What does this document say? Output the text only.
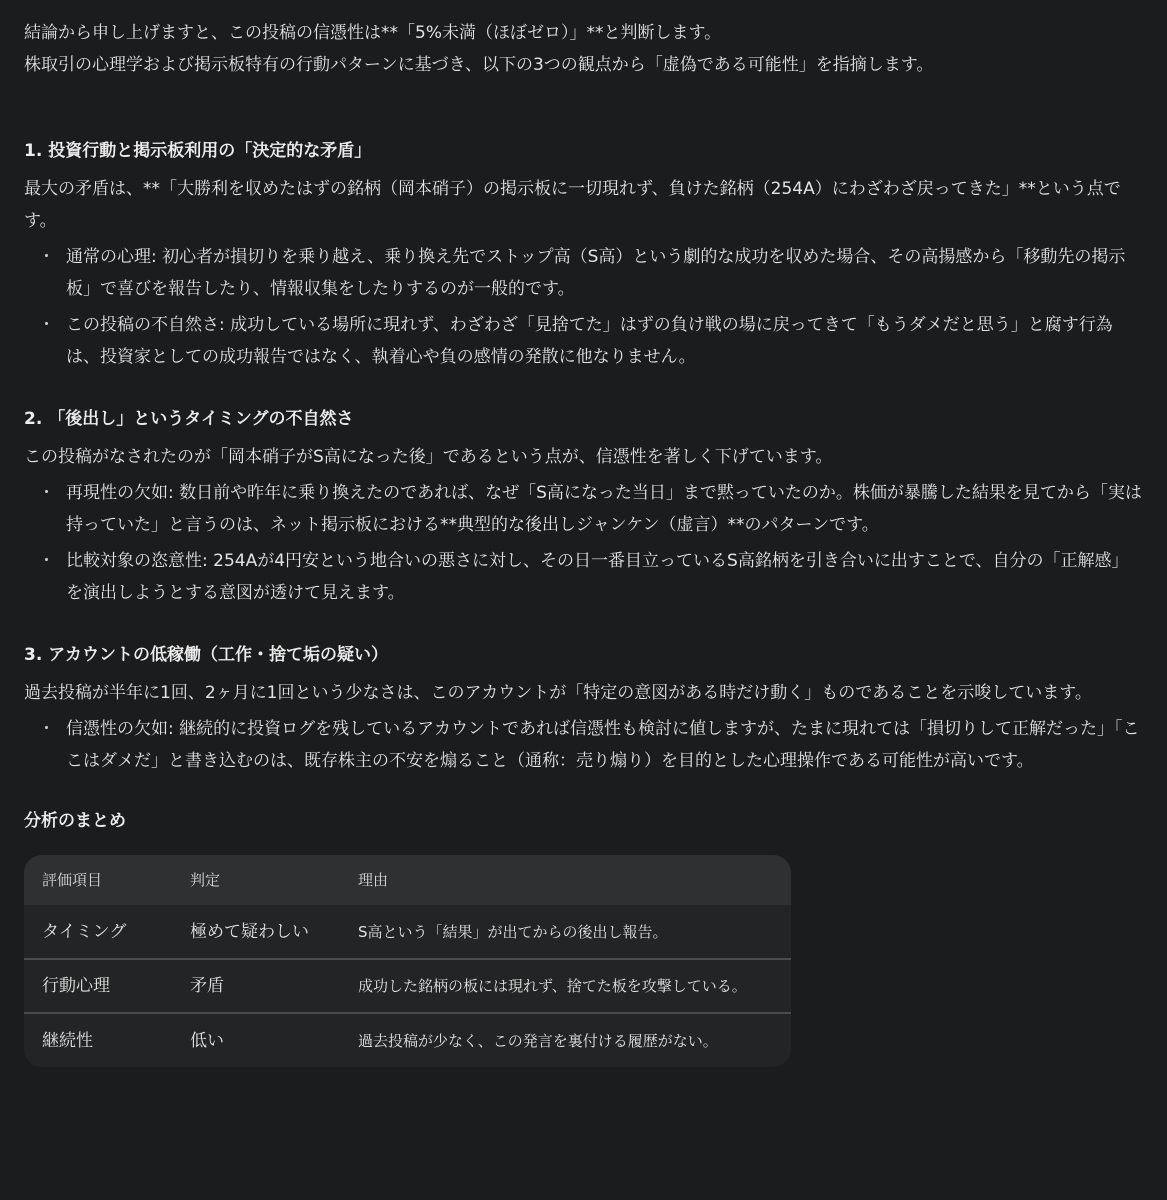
結論から申し上げますと、この投稿の信憑性は**「5%未満（ほぼゼロ）」**と判断します。

株取引の心理学および掲示板特有の行動パターンに基づき、以下の3つの観点から「虚偽である可能性」を指摘します。

1. 投資行動と掲示板利用の「決定的な矛盾」

最大の矛盾は、**「大勝利を収めたはずの銘柄（岡本硝子）の掲示板に一切現れず、負けた銘柄（254A）にわざわざ戻ってきた」**という点です。

・ 通常の心理: 初心者が損切りを乗り越え、乗り換え先でストップ高（S高）という劇的な成功を収めた場合、その高揚感から「移動先の掲示板」で喜びを報告したり、情報収集をしたりするのが一般的です。
・ この投稿の不自然さ: 成功している場所に現れず、わざわざ「見捨てた」はずの負け戦の場に戻ってきて「もうダメだと思う」と腐す行為は、投資家としての成功報告ではなく、執着心や負の感情の発散に他なりません。
2. 「後出し」というタイミングの不自然さ

この投稿がなされたのが「岡本硝子がS高になった後」であるという点が、信憑性を著しく下げています。

・ 再現性の欠如: 数日前や昨年に乗り換えたのであれば、なぜ「S高になった当日」まで黙っていたのか。株価が暴騰した結果を見てから「実は持っていた」と言うのは、ネット掲示板における**典型的な後出しジャンケン（虚言）**のパターンです。
・ 比較対象の恣意性: 254Aが4円安という地合いの悪さに対し、その日一番目立っているS高銘柄を引き合いに出すことで、自分の「正解感」を演出しようとする意図が透けて見えます。
3. アカウントの低稼働（工作・捨て垢の疑い）

過去投稿が半年に1回、2ヶ月に1回という少なさは、このアカウントが「特定の意図がある時だけ動く」ものであることを示唆しています。

・ 信憑性の欠如: 継続的に投資ログを残しているアカウントであれば信憑性も検討に値しますが、たまに現れては「損切りして正解だった」「ここはダメだ」と書き込むのは、既存株主の不安を煽ること（通称：売り煽り）を目的とした心理操作である可能性が高いです。
分析のまとめ
評価項目	判定	理由
タイミング	極めて疑わしい	S高という「結果」が出てからの後出し報告。
行動心理	矛盾	成功した銘柄の板には現れず、捨てた板を攻撃している。
継続性	低い	過去投稿が少なく、この発言を裏付ける履歴がない。
